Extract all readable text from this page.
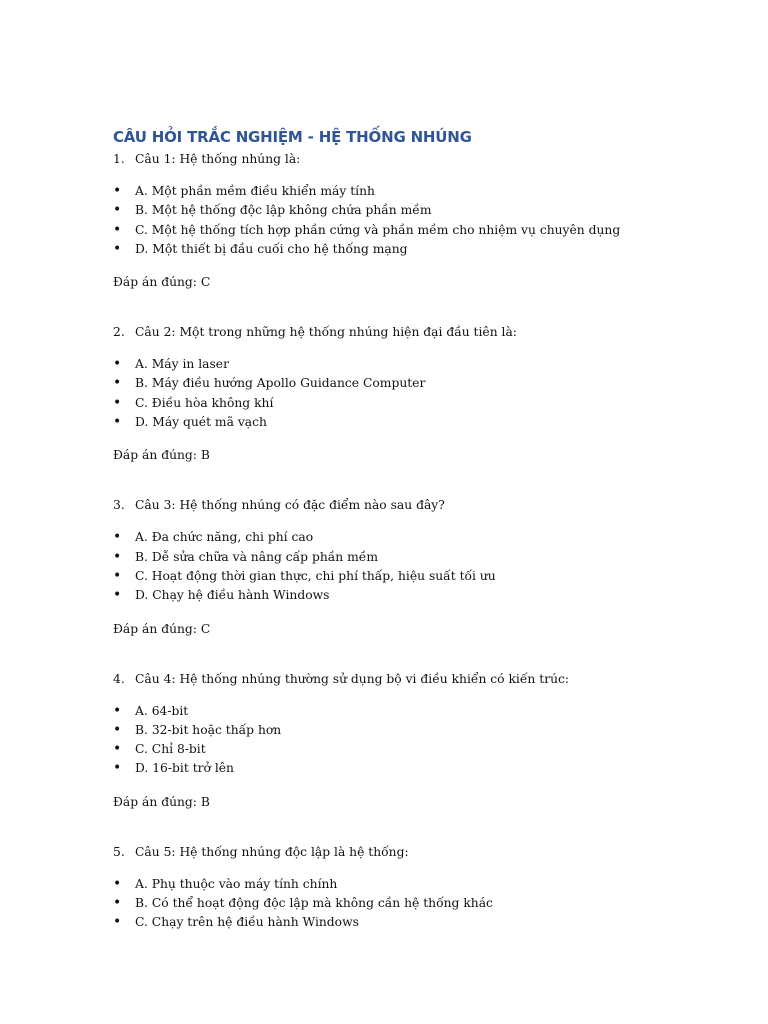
CÂU HỎI TRẮC NGHIỆM - HỆ THỐNG NHÚNG
1. Câu 1: Hệ thống nhúng là:
• A. Một phần mềm điều khiển máy tính
• B. Một hệ thống độc lập không chứa phần mềm
• C. Một hệ thống tích hợp phần cứng và phần mềm cho nhiệm vụ chuyên dụng
• D. Một thiết bị đầu cuối cho hệ thống mạng
Đáp án đúng: C
2. Câu 2: Một trong những hệ thống nhúng hiện đại đầu tiên là:
• A. Máy in laser
• B. Máy điều hướng Apollo Guidance Computer
• C. Điều hòa không khí
• D. Máy quét mã vạch
Đáp án đúng: B
3. Câu 3: Hệ thống nhúng có đặc điểm nào sau đây?
• A. Đa chức năng, chi phí cao
• B. Dễ sửa chữa và nâng cấp phần mềm
• C. Hoạt động thời gian thực, chi phí thấp, hiệu suất tối ưu
• D. Chạy hệ điều hành Windows
Đáp án đúng: C
4. Câu 4: Hệ thống nhúng thường sử dụng bộ vi điều khiển có kiến trúc:
• A. 64-bit
• B. 32-bit hoặc thấp hơn
• C. Chỉ 8-bit
• D. 16-bit trở lên
Đáp án đúng: B
5. Câu 5: Hệ thống nhúng độc lập là hệ thống:
• A. Phụ thuộc vào máy tính chính
• B. Có thể hoạt động độc lập mà không cần hệ thống khác
• C. Chạy trên hệ điều hành Windows
